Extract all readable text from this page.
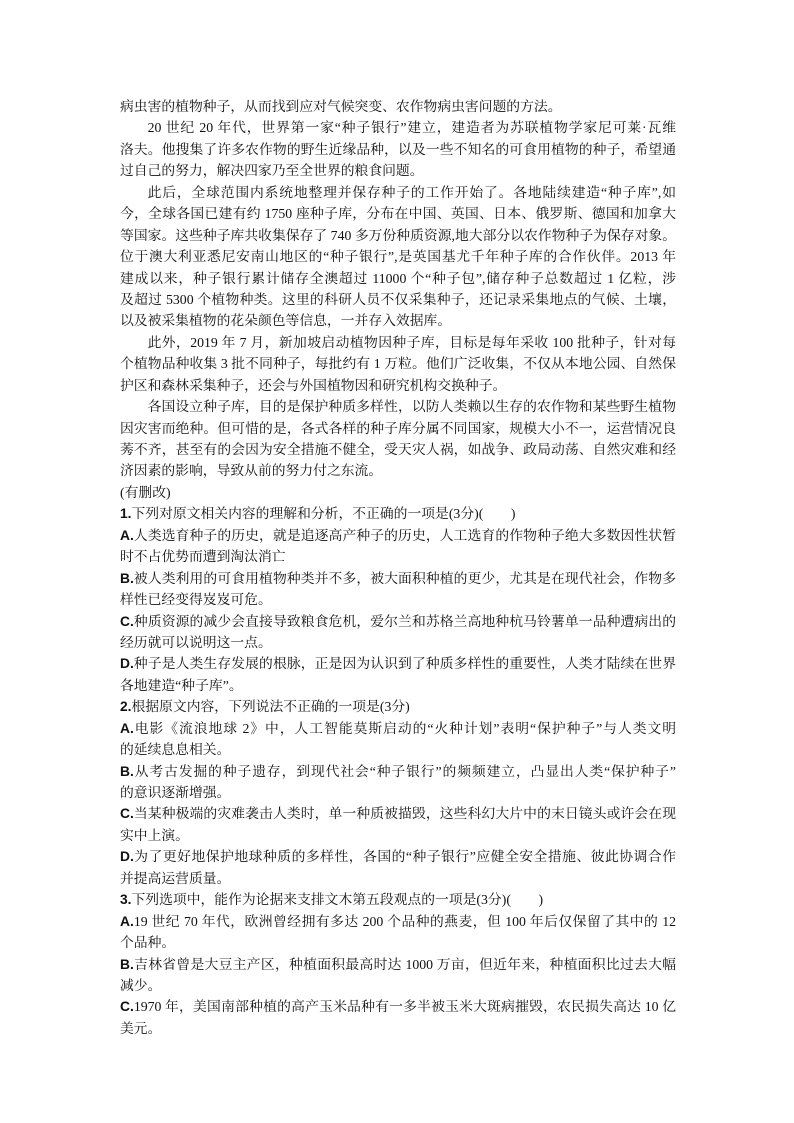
病虫害的植物种子，从而找到应对气候突变、农作物病虫害问题的方法。
20 世纪 20 年代，世界第一家“种子银行”建立，建造者为苏联植物学家尼可莱·瓦维
洛夫。他搜集了许多农作物的野生近缘品种，以及一些不知名的可食用植物的种子，希望通
过自己的努力，解决四家乃至全世界的粮食问题。
此后，全球范围内系统地整理并保存种子的工作开始了。各地陆续建造“种子库”,如
今，全球各国已建有约 1750 座种子库，分布在中国、英国、日本、俄罗斯、德国和加拿大
等国家。这些种子库共收集保存了 740 多万份种质资源,地大部分以农作物种子为保存对象。
位于澳大利亚悉尼安南山地区的“种子银行”,是英国基尤千年种子库的合作伙伴。2013 年
建成以来，种子银行累计储存全澳超过 11000 个“种子包”,储存种子总数超过 1 亿粒，涉
及超过 5300 个植物种类。这里的科研人员不仅采集种子，还记录采集地点的气候、土壤，
以及被采集植物的花朵颜色等信息，一并存入效据库。
此外，2019 年 7 月，新加坡启动植物因种子库，目标是每年采收 100 批种子，针对每
个植物品种收集 3 批不同种子，每批约有 1 万粒。他们广泛收集，不仅从本地公园、自然保
护区和森林采集种子，还会与外国植物因和研究机构交换种子。
各国设立种子库，目的是保护种质多样性，以防人类赖以生存的农作物和某些野生植物
因灾害而绝种。但可惜的是，各式各样的种子库分属不同国家，规模大小不一，运营情况良
莠不齐，甚至有的会因为安全措施不健全，受天灾人祸，如战争、政局动荡、自然灾难和经
济因素的影响，导致从前的努力付之东流。
(有删改)
1.下列对原文相关内容的理解和分析，不正确的一项是(3分)(　　)
A.人类选育种子的历史，就是追逐高产种子的历史，人工选育的作物种子绝大多数因性状暂
时不占优势而遭到淘汰消亡
B.被人类利用的可食用植物种类并不多，被大面积种植的更少，尤其是在现代社会，作物多
样性已经变得岌岌可危。
C.种质资源的减少会直接导致粮食危机，爱尔兰和苏格兰高地种杭马铃薯单一品种遭病出的
经历就可以说明这一点。
D.种子是人类生存发展的根脉，正是因为认识到了种质多样性的重要性，人类才陆续在世界
各地建造“种子库”。
2.根据原文内容，下列说法不正确的一项是(3分)
A.电影《流浪地球 2》中，人工智能莫斯启动的“火种计划”表明“保护种子”与人类文明
的延续息息相关。
B.从考古发掘的种子遗存，到现代社会“种子银行”的频频建立，凸显出人类“保护种子”
的意识逐渐增强。
C.当某种极端的灾难袭击人类时，单一种质被描毁，这些科幻大片中的末日镜头或许会在现
实中上演。
D.为了更好地保护地球种质的多样性，各国的“种子银行”应健全安全措施、彼此协调合作
并提高运营质量。
3.下列选项中，能作为论据来支排文木第五段观点的一项是(3分)(　　)
A.19 世纪 70 年代，欧洲曾经拥有多达 200 个品种的燕麦，但 100 年后仅保留了其中的 12
个品种。
B.吉林省曾是大豆主产区，种植面积最高时达 1000 万亩，但近年来，种植面积比过去大幅
减少。
C.1970 年，美国南部种植的高产玉米品种有一多半被玉米大斑病摧毁，农民损失高达 10 亿
美元。
